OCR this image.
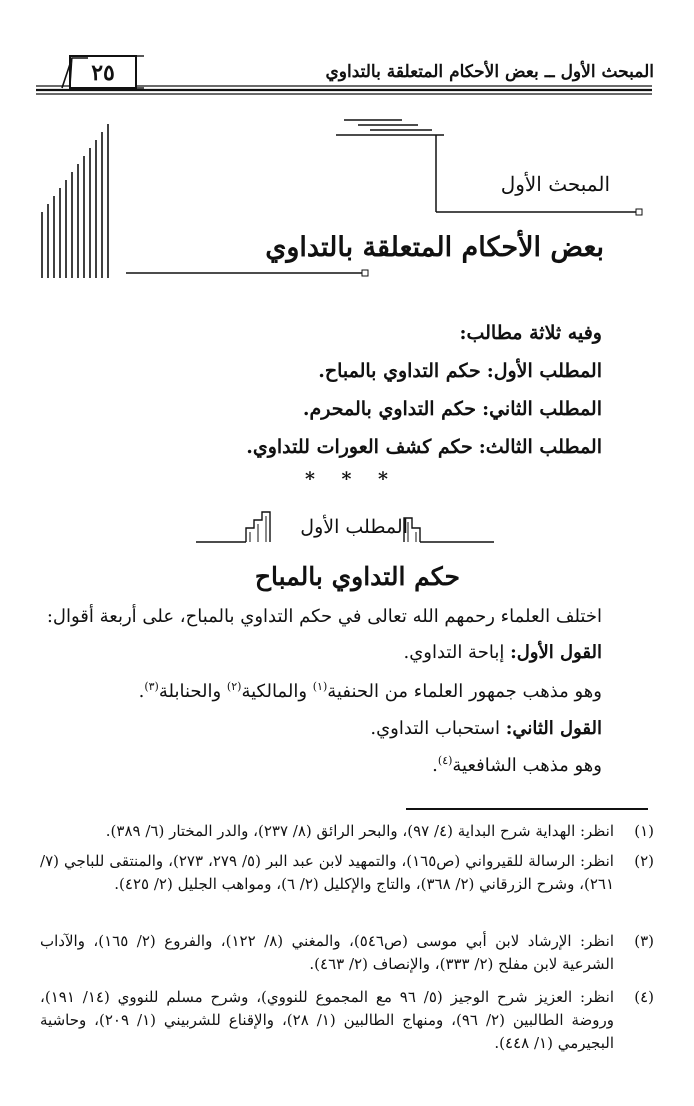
المبحث الأول ــ بعض الأحكام المتعلقة بالتداوي
٢٥
المبحث الأول
بعض الأحكام المتعلقة بالتداوي
وفيه ثلاثة مطالب:
المطلب الأول:حكم التداوي بالمباح.
المطلب الثاني:حكم التداوي بالمحرم.
المطلب الثالث:حكم كشف العورات للتداوي.
* * *
المطلب الأول
حكم التداوي بالمباح
اختلف العلماء رحمهم الله تعالى في حكم التداوي بالمباح، على أربعة أقوال:
القول الأول: إباحة التداوي.
وهو مذهب جمهور العلماء من الحنفية$^{(١)}$ والمالكية$^{(٢)}$ والحنابلة$^{(٣)}$.
القول الثاني: استحباب التداوي.
وهو مذهب الشافعية$^{(٤)}$.
(١)
انظر: الهداية شرح البداية (٤/ ٩٧)، والبحر الرائق (٨/ ٢٣٧)، والدر المختار (٦/ ٣٨٩).
(٢)
انظر: الرسالة للقيرواني (ص١٦٥)، والتمهيد لابن عبد البر (٥/ ٢٧٩، ٢٧٣)، والمنتقى للباجي (٧/ ٢٦١)، وشرح الزرقاني (٢/ ٣٦٨)، والتاج والإكليل (٢/ ٦)، ومواهب الجليل (٢/ ٤٢٥).
(٣)
انظر: الإرشاد لابن أبي موسى (ص٥٤٦)، والمغني (٨/ ١٢٢)، والفروع (٢/ ١٦٥)، والآداب الشرعية لابن مفلح (٢/ ٣٣٣)، والإنصاف (٢/ ٤٦٣).
(٤)
انظر: العزيز شرح الوجيز (٥/ ٩٦ مع المجموع للنووي)، وشرح مسلم للنووي (١٤/ ١٩١)، وروضة الطالبين (٢/ ٩٦)، ومنهاج الطالبين (١/ ٢٨)، والإقناع للشربيني (١/ ٢٠٩)، وحاشية البجيرمي (١/ ٤٤٨).
